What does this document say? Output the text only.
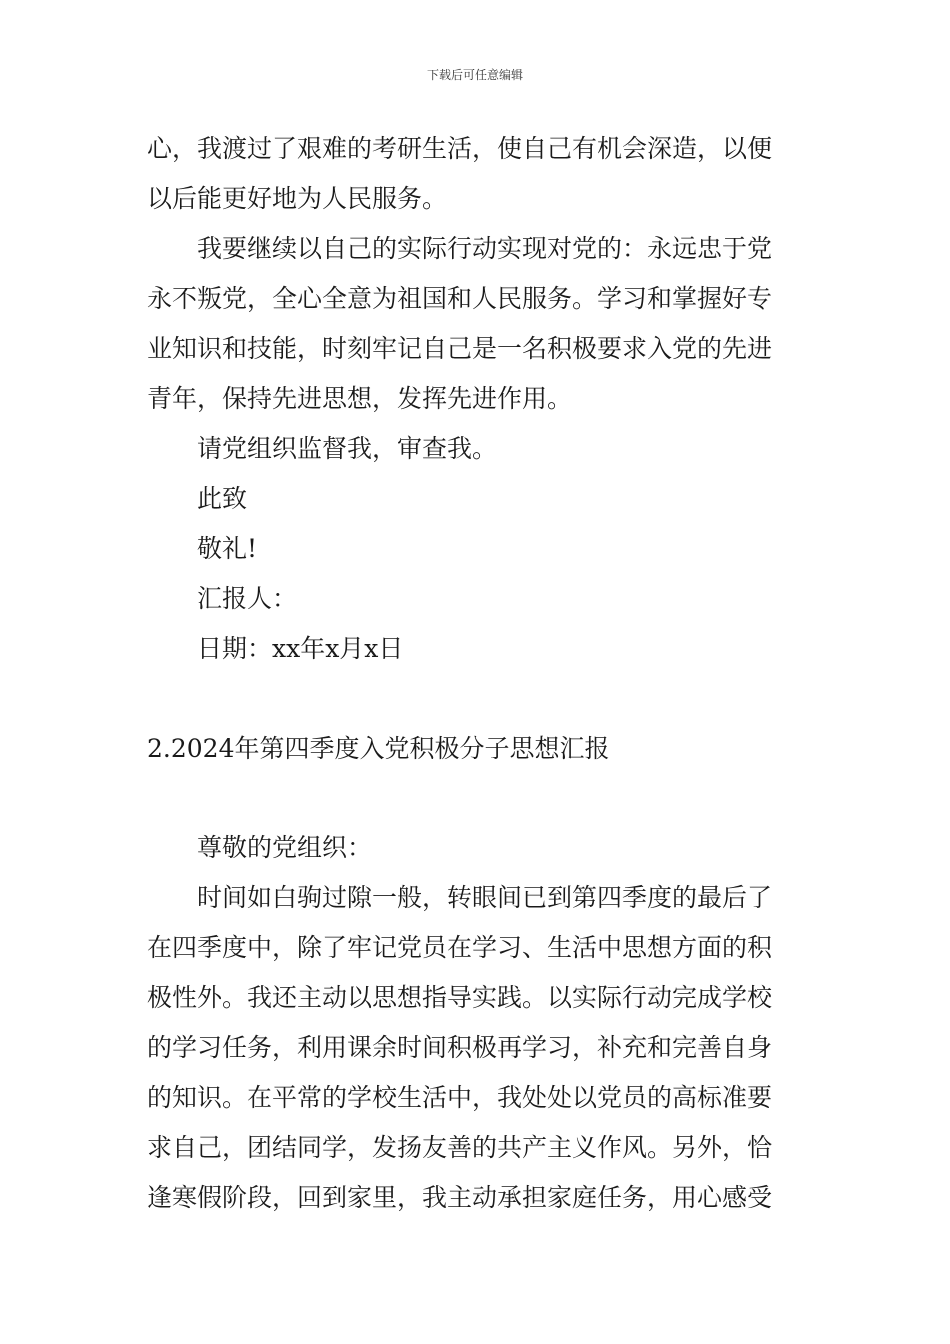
下载后可任意编辑
心，我渡过了艰难的考研生活，使自己有机会深造，以便
以后能更好地为人民服务。
我要继续以自己的实际行动实现对党的：永远忠于党
永不叛党，全心全意为祖国和人民服务。学习和掌握好专
业知识和技能，时刻牢记自己是一名积极要求入党的先进
青年，保持先进思想，发挥先进作用。
请党组织监督我，审查我。
此致
敬礼!
汇报人：
日期：xx年x月x日
2.2024年第四季度入党积极分子思想汇报
尊敬的党组织：
时间如白驹过隙一般，转眼间已到第四季度的最后了
在四季度中，除了牢记党员在学习、生活中思想方面的积
极性外。我还主动以思想指导实践。以实际行动完成学校
的学习任务，利用课余时间积极再学习，补充和完善自身
的知识。在平常的学校生活中，我处处以党员的高标准要
求自己，团结同学，发扬友善的共产主义作风。另外，恰
逢寒假阶段，回到家里，我主动承担家庭任务，用心感受
